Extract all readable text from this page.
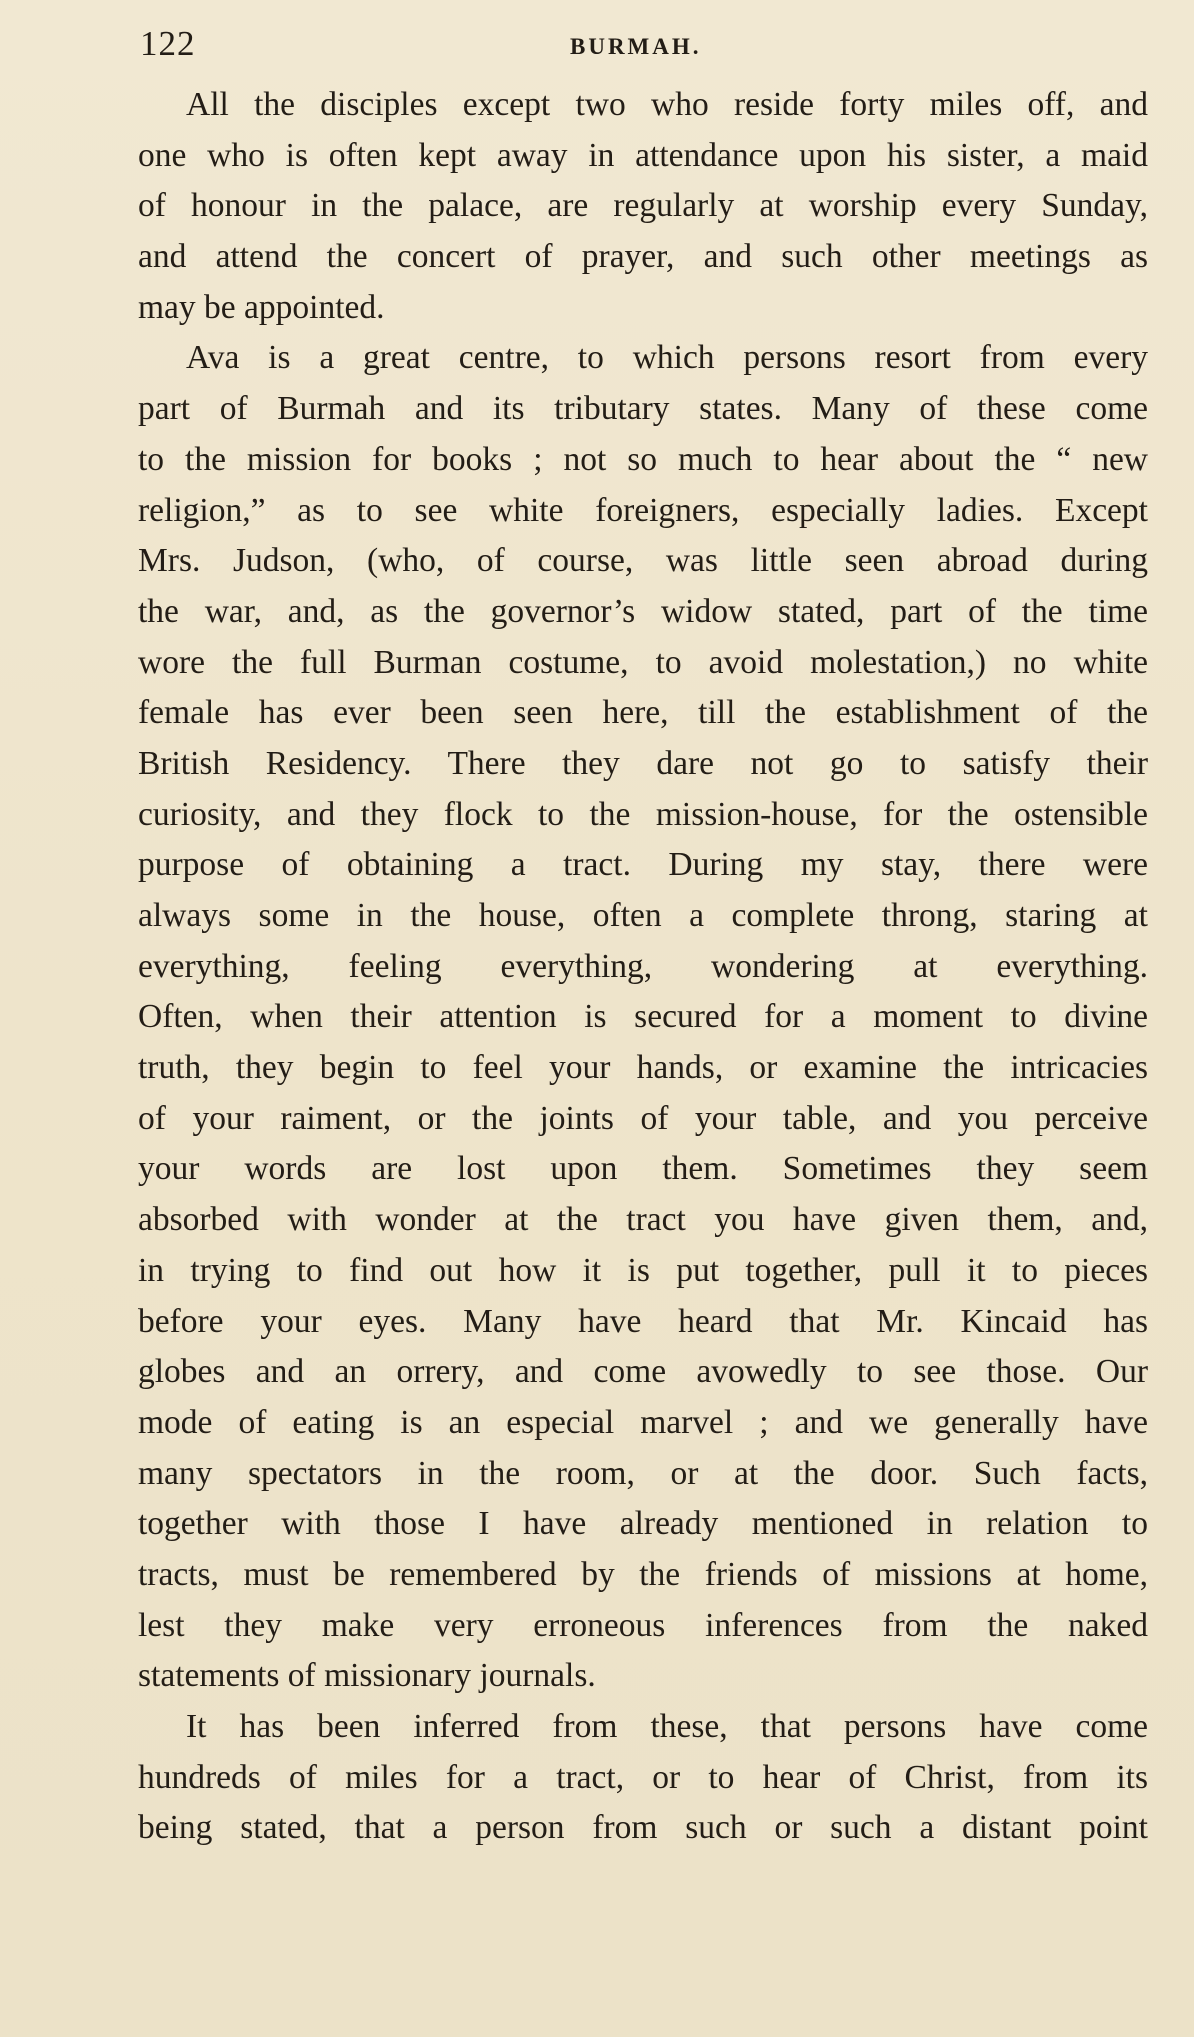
122	BURMAH.
All the disciples except two who reside forty miles off, and
one who is often kept away in attendance upon his sister, a maid
of honour in the palace, are regularly at worship every Sunday,
and attend the concert of prayer, and such other meetings as
may be appointed.
Ava is a great centre, to which persons resort from every
part of Burmah and its tributary states. Many of these come
to the mission for books ; not so much to hear about the “ new
religion,” as to see white foreigners, especially ladies. Except
Mrs. Judson, (who, of course, was little seen abroad during
the war, and, as the governor’s widow stated, part of the time
wore the full Burman costume, to avoid molestation,) no white
female has ever been seen here, till the establishment of the
British Residency. There they dare not go to satisfy their
curiosity, and they flock to the mission-house, for the ostensible
purpose of obtaining a tract. During my stay, there were
always some in the house, often a complete throng, staring at
everything, feeling everything, wondering at everything.
Often, when their attention is secured for a moment to divine
truth, they begin to feel your hands, or examine the intricacies
of your raiment, or the joints of your table, and you perceive
your words are lost upon them. Sometimes they seem
absorbed with wonder at the tract you have given them, and,
in trying to find out how it is put together, pull it to pieces
before your eyes. Many have heard that Mr. Kincaid has
globes and an orrery, and come avowedly to see those. Our
mode of eating is an especial marvel ; and we generally have
many spectators in the room, or at the door. Such facts,
together with those I have already mentioned in relation to
tracts, must be remembered by the friends of missions at home,
lest they make very erroneous inferences from the naked
statements of missionary journals.
It has been inferred from these, that persons have come
hundreds of miles for a tract, or to hear of Christ, from its
being stated, that a person from such or such a distant point
